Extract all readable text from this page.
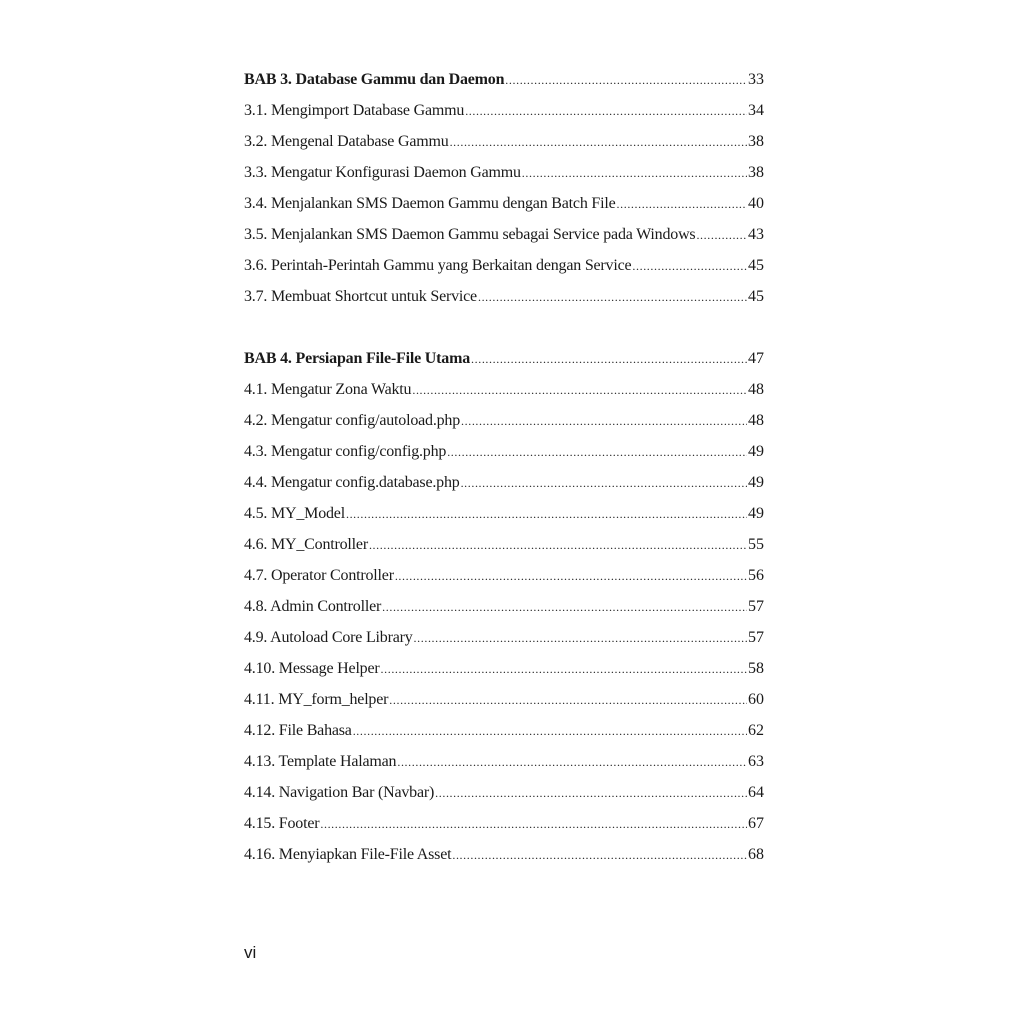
BAB 3. Database Gammu dan Daemon .....	33
3.1. Mengimport Database Gammu .....	34
3.2. Mengenal Database Gammu .....	38
3.3. Mengatur Konfigurasi Daemon Gammu .....	38
3.4. Menjalankan SMS Daemon Gammu dengan Batch File .....	40
3.5. Menjalankan SMS Daemon Gammu sebagai Service pada Windows .....	43
3.6. Perintah-Perintah Gammu yang Berkaitan dengan Service .....	45
3.7. Membuat Shortcut untuk Service .....	45
BAB 4. Persiapan File-File Utama .....	47
4.1. Mengatur Zona Waktu .....	48
4.2. Mengatur config/autoload.php .....	48
4.3. Mengatur config/config.php .....	49
4.4. Mengatur config.database.php .....	49
4.5. MY_Model .....	49
4.6. MY_Controller .....	55
4.7. Operator Controller .....	56
4.8. Admin Controller .....	57
4.9. Autoload Core Library .....	57
4.10. Message Helper .....	58
4.11. MY_form_helper .....	60
4.12. File Bahasa .....	62
4.13. Template Halaman .....	63
4.14. Navigation Bar (Navbar) .....	64
4.15. Footer .....	67
4.16. Menyiapkan File-File Asset .....	68
vi
